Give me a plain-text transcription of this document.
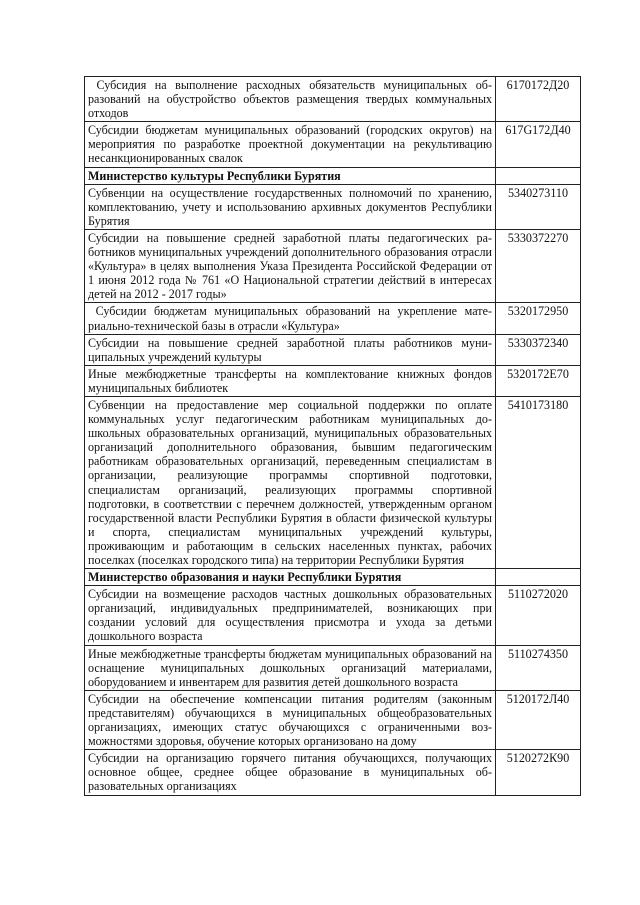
Субсидия на выполнение расходных обязательств муниципальных образований на обустройство объектов размещения твердых коммунальных отходов	6170172Д20
Субсидии бюджетам муниципальных образований (городских округов) на мероприятия по разработке проектной документации на рекультивацию несанкционированных свалок	617G172Д40
Министерство культуры Республики Бурятия	
Субвенции на осуществление государственных полномочий по хранению, комплектованию, учету и использованию архивных документов Республики Бурятия	5340273110
Субсидии на повышение средней заработной платы педагогических работников муниципальных учреждений дополнительного образования отрасли «Культура» в целях выполнения Указа Президента Российской Федерации от 1 июня 2012 года № 761 «О Национальной стратегии действий в интересах детей на 2012 - 2017 годы»	5330372270
Субсидии бюджетам муниципальных образований на укрепление материально-технической базы в отрасли «Культура»	5320172950
Субсидии на повышение средней заработной платы работников муниципальных учреждений культуры	5330372340
Иные межбюджетные трансферты на комплектование книжных фондов муниципальных библиотек	5320172Е70
Субвенции на предоставление мер социальной поддержки по оплате коммунальных услуг педагогическим работникам муниципальных дошкольных образовательных организаций, муниципальных образовательных организаций дополнительного образования, бывшим педагогическим работникам образовательных организаций, переведенным специалистам в организации, реализующие программы спортивной подготовки, специалистам организаций, реализующих программы спортивной подготовки, в соответствии с перечнем должностей, утвержденным органом государственной власти Республики Бурятия в области физической культуры и спорта, специалистам муниципальных учреждений культуры, проживающим и работающим в сельских населенных пунктах, рабочих поселках (поселках городского типа) на территории Республики Бурятия	5410173180
Министерство образования и науки Республики Бурятия	
Субсидии на возмещение расходов частных дошкольных образовательных организаций, индивидуальных предпринимателей, возникающих при создании условий для осуществления присмотра и ухода за детьми дошкольного возраста	5110272020
Иные межбюджетные трансферты бюджетам муниципальных образований на оснащение муниципальных дошкольных организаций материалами, оборудованием и инвентарем для развития детей дошкольного возраста	5110274350
Субсидии на обеспечение компенсации питания родителям (законным представителям) обучающихся в муниципальных общеобразовательных организациях, имеющих статус обучающихся с ограниченными возможностями здоровья, обучение которых организовано на дому	5120172Л40
Субсидии на организацию горячего питания обучающихся, получающих основное общее, среднее общее образование в муниципальных образовательных организациях	5120272К90
